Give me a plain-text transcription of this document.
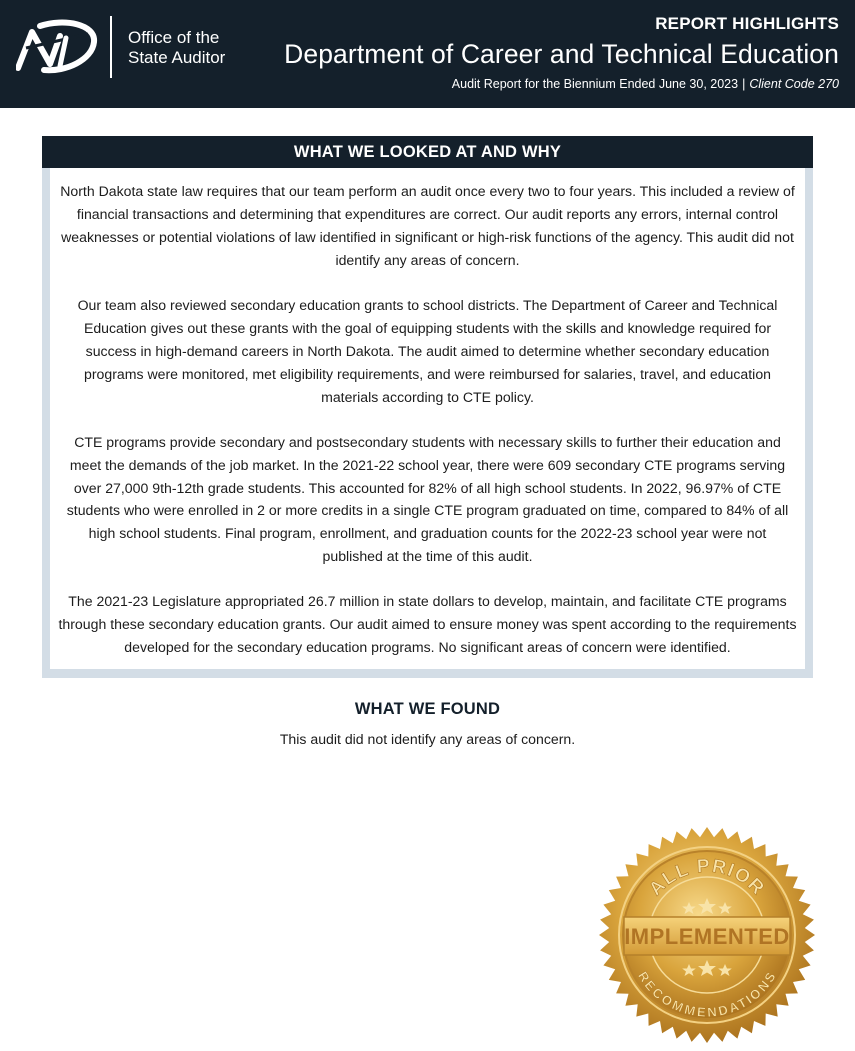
Office of the
State Auditor
REPORT HIGHLIGHTS
Department of Career and Technical Education
Audit Report for the Biennium Ended June 30, 2023 | Client Code 270
WHAT WE LOOKED AT AND WHY

North Dakota state law requires that our team perform an audit once every two to four years. This included a review of financial transactions and determining that expenditures are correct. Our audit reports any errors, internal control weaknesses or potential violations of law identified in significant or high-risk functions of the agency. This audit did not identify any areas of concern.

Our team also reviewed secondary education grants to school districts. The Department of Career and Technical Education gives out these grants with the goal of equipping students with the skills and knowledge required for success in high-demand careers in North Dakota. The audit aimed to determine whether secondary education programs were monitored, met eligibility requirements, and were reimbursed for salaries, travel, and education materials according to CTE policy.

CTE programs provide secondary and postsecondary students with necessary skills to further their education and meet the demands of the job market. In the 2021-22 school year, there were 609 secondary CTE programs serving over 27,000 9th-12th grade students. This accounted for 82% of all high school students. In 2022, 96.97% of CTE students who were enrolled in 2 or more credits in a single CTE program graduated on time, compared to 84% of all high school students. Final program, enrollment, and graduation counts for the 2022-23 school year were not published at the time of this audit.

The 2021-23 Legislature appropriated 26.7 million in state dollars to develop, maintain, and facilitate CTE programs through these secondary education grants. Our audit aimed to ensure money was spent according to the requirements developed for the secondary education programs. No significant areas of concern were identified.

WHAT WE FOUND
This audit did not identify any areas of concern.
ALL PRIOR
RECOMMENDATIONS
IMPLEMENTED
